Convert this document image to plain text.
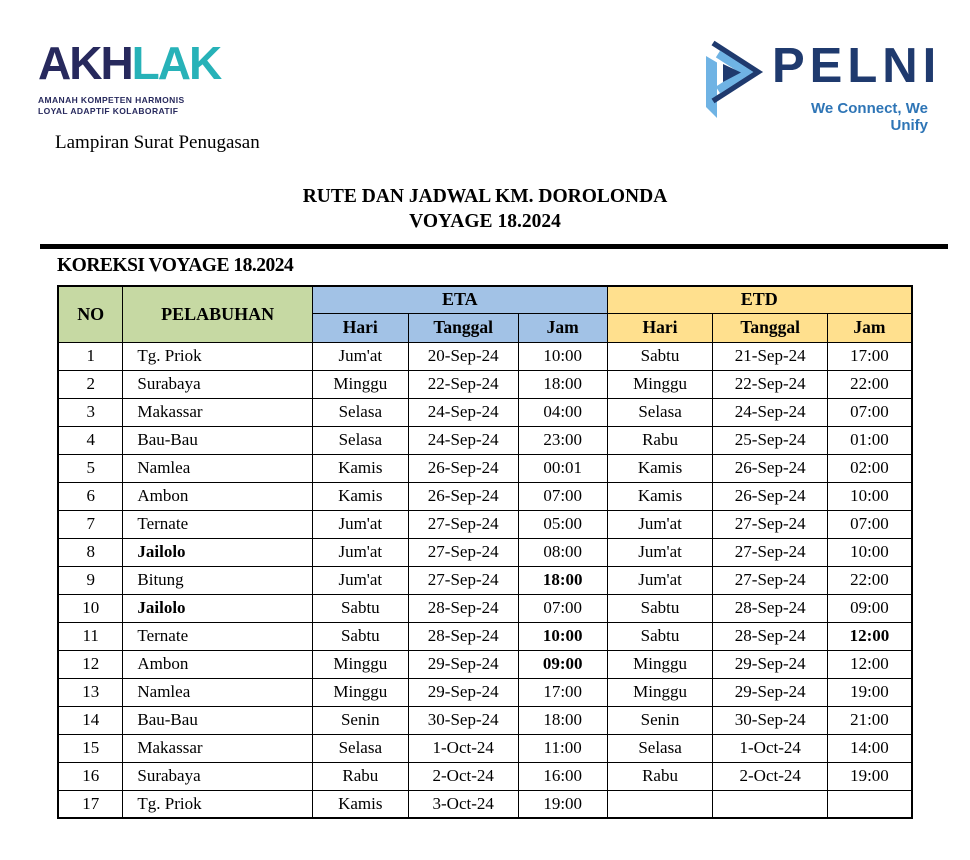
AKHLAK
AMANAH KOMPETEN HARMONIS
LOYAL ADAPTIF KOLABORATIF
PELNI
We Connect, We Unify
Lampiran Surat Penugasan
RUTE DAN JADWAL KM. DOROLONDA
VOYAGE 18.2024
KOREKSI VOYAGE 18.2024
NO	PELABUHAN	ETA			ETD		
		Hari	Tanggal	Jam	Hari	Tanggal	Jam
1	Tg. Priok	Jum'at	20-Sep-24	10:00	Sabtu	21-Sep-24	17:00
2	Surabaya	Minggu	22-Sep-24	18:00	Minggu	22-Sep-24	22:00
3	Makassar	Selasa	24-Sep-24	04:00	Selasa	24-Sep-24	07:00
4	Bau-Bau	Selasa	24-Sep-24	23:00	Rabu	25-Sep-24	01:00
5	Namlea	Kamis	26-Sep-24	00:01	Kamis	26-Sep-24	02:00
6	Ambon	Kamis	26-Sep-24	07:00	Kamis	26-Sep-24	10:00
7	Ternate	Jum'at	27-Sep-24	05:00	Jum'at	27-Sep-24	07:00
8	Jailolo	Jum'at	27-Sep-24	08:00	Jum'at	27-Sep-24	10:00
9	Bitung	Jum'at	27-Sep-24	18:00	Jum'at	27-Sep-24	22:00
10	Jailolo	Sabtu	28-Sep-24	07:00	Sabtu	28-Sep-24	09:00
11	Ternate	Sabtu	28-Sep-24	10:00	Sabtu	28-Sep-24	12:00
12	Ambon	Minggu	29-Sep-24	09:00	Minggu	29-Sep-24	12:00
13	Namlea	Minggu	29-Sep-24	17:00	Minggu	29-Sep-24	19:00
14	Bau-Bau	Senin	30-Sep-24	18:00	Senin	30-Sep-24	21:00
15	Makassar	Selasa	1-Oct-24	11:00	Selasa	1-Oct-24	14:00
16	Surabaya	Rabu	2-Oct-24	16:00	Rabu	2-Oct-24	19:00
17	Tg. Priok	Kamis	3-Oct-24	19:00			
